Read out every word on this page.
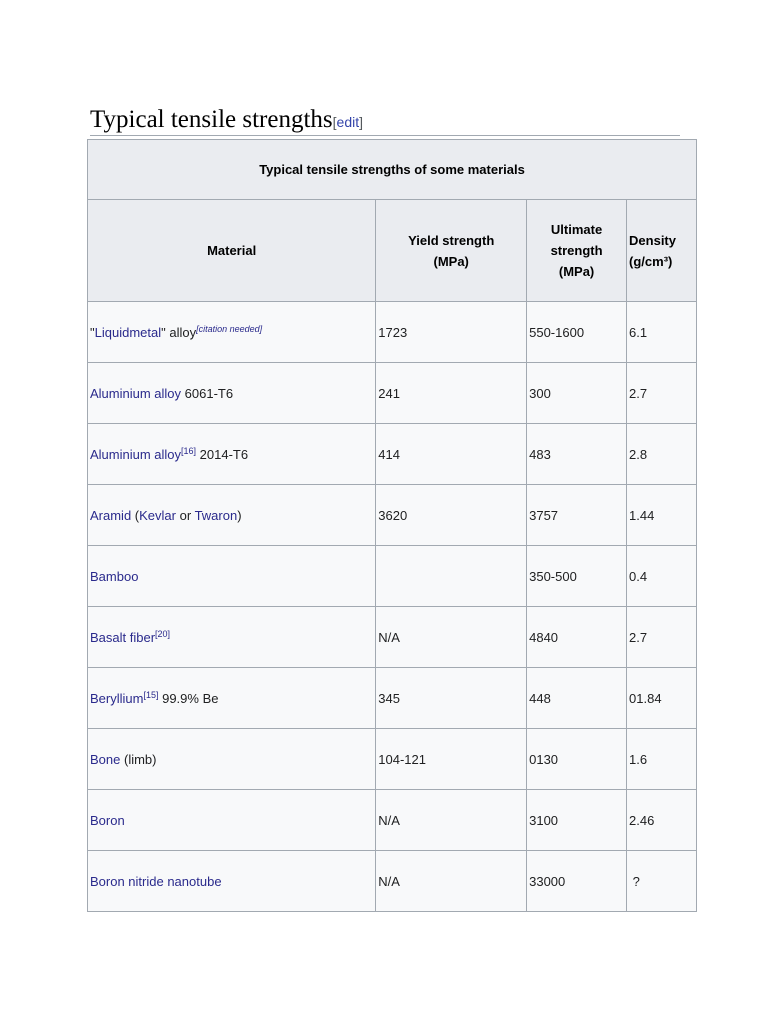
Typical tensile strengths[edit]
Typical tensile strengths of some materials			
Material	Yield strength (MPa)	Ultimate strength (MPa)	Density (g/cm³)
"Liquidmetal" alloy[citation needed]	1723	550-1600	6.1
Aluminium alloy 6061-T6	241	300	2.7
Aluminium alloy[16] 2014-T6	414	483	2.8
Aramid (Kevlar or Twaron)	3620	3757	1.44
Bamboo		350-500	0.4
Basalt fiber[20]	N/A	4840	2.7
Beryllium[15] 99.9% Be	345	448	01.84
Bone (limb)	104-121	0130	1.6
Boron	N/A	3100	2.46
Boron nitride nanotube	N/A	33000	?
